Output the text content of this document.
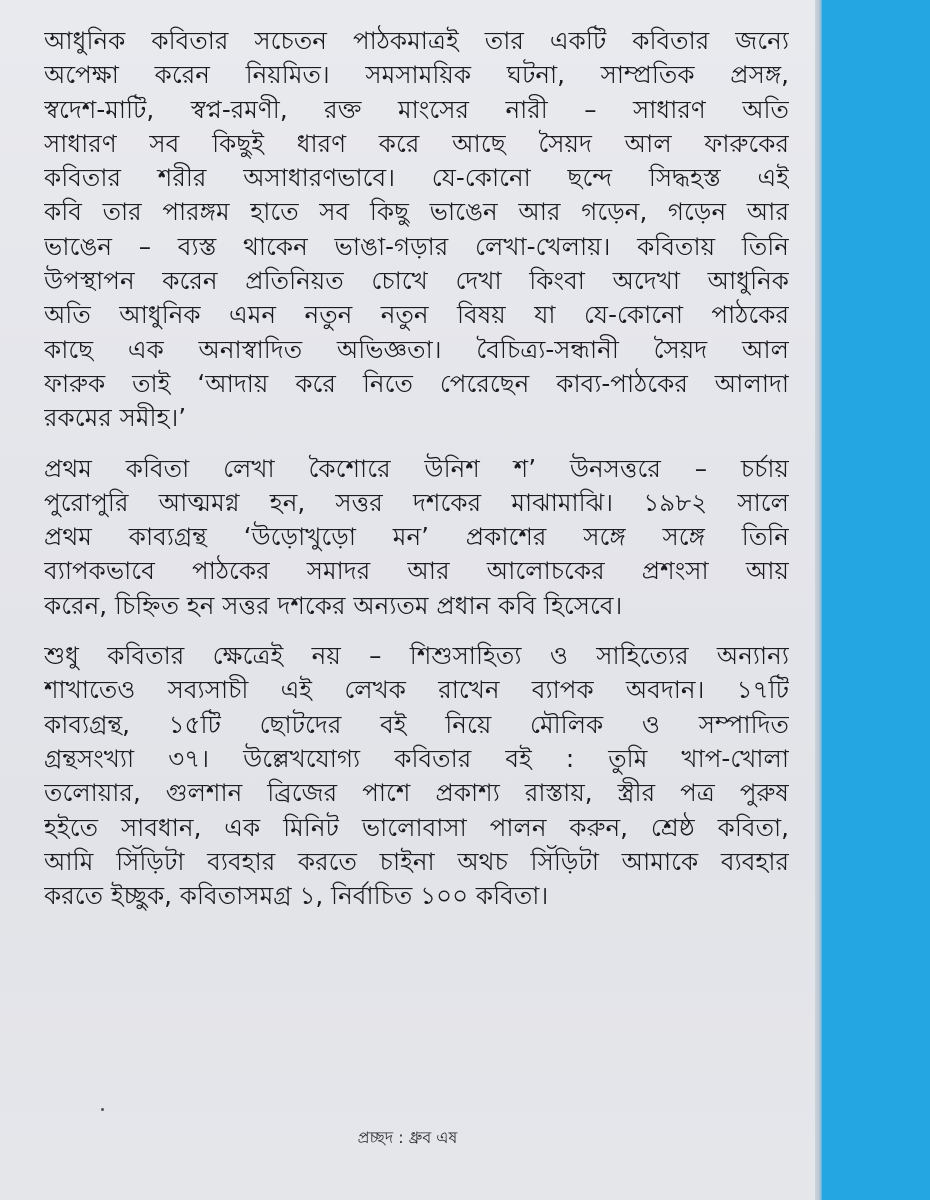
আধুনিক কবিতার সচেতন পাঠকমাত্রই তার একটি কবিতার জন্যে
অপেক্ষা করেন নিয়মিত। সমসাময়িক ঘটনা, সাম্প্রতিক প্রসঙ্গ,
স্বদেশ-মাটি, স্বপ্ন-রমণী, রক্ত মাংসের নারী – সাধারণ অতি
সাধারণ সব কিছুই ধারণ করে আছে সৈয়দ আল ফারুকের
কবিতার শরীর অসাধারণভাবে। যে-কোনো ছন্দে সিদ্ধহস্ত এই
কবি তার পারঙ্গম হাতে সব কিছু ভাঙেন আর গড়েন, গড়েন আর
ভাঙেন – ব্যস্ত থাকেন ভাঙা-গড়ার লেখা-খেলায়। কবিতায় তিনি
উপস্থাপন করেন প্রতিনিয়ত চোখে দেখা কিংবা অদেখা আধুনিক
অতি আধুনিক এমন নতুন নতুন বিষয় যা যে-কোনো পাঠকের
কাছে এক অনাস্বাদিত অভিজ্ঞতা। বৈচিত্র্য-সন্ধানী সৈয়দ আল
ফারুক তাই ‘আদায় করে নিতে পেরেছেন কাব্য-পাঠকের আলাদা
রকমের সমীহ।’
প্রথম কবিতা লেখা কৈশোরে উনিশ শ’ উনসত্তরে – চর্চায়
পুরোপুরি আত্মমগ্ন হন, সত্তর দশকের মাঝামাঝি। ১৯৮২ সালে
প্রথম কাব্যগ্রন্থ ‘উড়োখুড়ো মন’ প্রকাশের সঙ্গে সঙ্গে তিনি
ব্যাপকভাবে পাঠকের সমাদর আর আলোচকের প্রশংসা আয়
করেন, চিহ্নিত হন সত্তর দশকের অন্যতম প্রধান কবি হিসেবে।
শুধু কবিতার ক্ষেত্রেই নয় – শিশুসাহিত্য ও সাহিত্যের অন্যান্য
শাখাতেও সব্যসাচী এই লেখক রাখেন ব্যাপক অবদান। ১৭টি
কাব্যগ্রন্থ, ১৫টি ছোটদের বই নিয়ে মৌলিক ও সম্পাদিত
গ্রন্থসংখ্যা ৩৭। উল্লেখযোগ্য কবিতার বই : তুমি খাপ-খোলা
তলোয়ার, গুলশান ব্রিজের পাশে প্রকাশ্য রাস্তায়, স্ত্রীর পত্র পুরুষ
হইতে সাবধান, এক মিনিট ভালোবাসা পালন করুন, শ্রেষ্ঠ কবিতা,
আমি সিঁড়িটা ব্যবহার করতে চাইনা অথচ সিঁড়িটা আমাকে ব্যবহার
করতে ইচ্ছুক, কবিতাসমগ্র ১, নির্বাচিত ১০০ কবিতা।
প্রচ্ছদ : ধ্রুব এষ
